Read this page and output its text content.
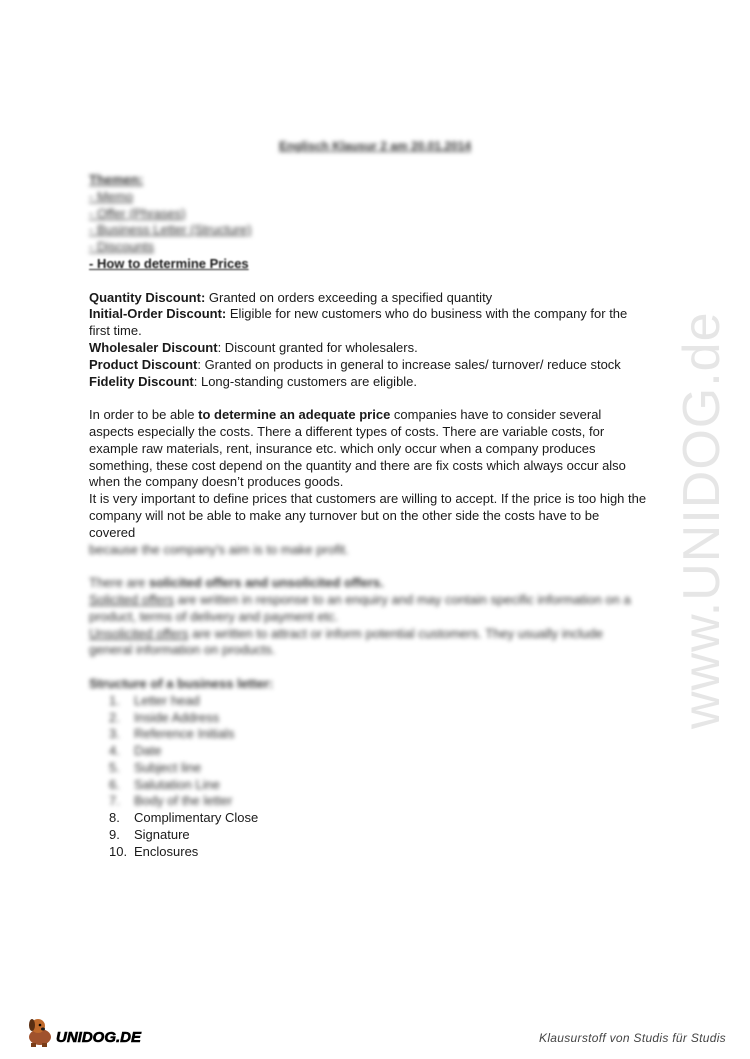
www.UNIDOG.de
Englisch Klausur 2 am 20.01.2014
Themen:
- Memo
- Offer (Phrases)
- Business Letter (Structure)
- Discounts
- How to determine Prices
Quantity Discount: Granted on orders exceeding a specified quantity
Initial-Order Discount: Eligible for new customers who do business with the company for the first time.
Wholesaler Discount: Discount granted for wholesalers.
Product Discount: Granted on products in general to increase sales/ turnover/ reduce stock
Fidelity Discount: Long-standing customers are eligible.

In order to be able to determine an adequate price companies have to consider several aspects especially the costs. There a different types of costs. There are variable costs, for example raw materials, rent, insurance etc. which only occur when a company produces something, these cost depend on the quantity and there are fix costs which always occur also when the company doesn’t produces goods.

It is very important to define prices that customers are willing to accept. If the price is too high the company will not be able to make any turnover but on the other side the costs have to be covered

because the company's aim is to make profit.

There are solicited offers and unsolicited offers.

Solicited offers are written in response to an enquiry and may contain specific information on a product, terms of delivery and payment etc.

Unsolicited offers are written to attract or inform potential customers. They usually include general information on products.

Structure of a business letter:
1.	Letter head
2.	Inside Address
3.	Reference Initials
4.	Date
5.	Subject line
6.	Salutation Line
7.	Body of the letter
8.	Complimentary Close
9.	Signature
10. Enclosures
UNIDOG.DE	Klausurstoff von Studis für Studis
